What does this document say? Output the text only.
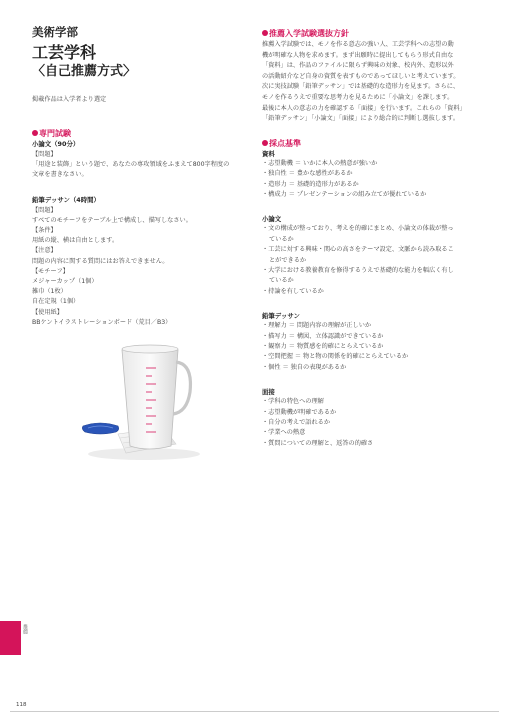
美術学部
工芸学科
〈自己推薦方式〉
掲載作品は入学者より選定
専門試験
小論文（90分）
【問題】
「用途と装飾」という題で、あなたの専攻領域をふまえて800字程度の
文章を書きなさい。
鉛筆デッサン（4時間）
【問題】
すべてのモチーフをテーブル上で構成し、描写しなさい。
【条件】
用紙の縦、横は自由とします。
【注意】
問題の内容に関する質問にはお答えできません。
【モチーフ】
メジャーカップ（1個）
雑巾（1枚）
自在定規（1個）
【使用紙】
BBケントイラストレーションボード（荒目／B3）
推薦入学試験選抜方針
推薦入学試験では、モノを作る意志の強い人、工芸学科への志望の動
機が明確な人物を求めます。まず出願時に提出してもらう形式自由な
「資料」は、作品のファイルに限らず興味の対象、校内外、造形以外
の活動紹介など自身の資質を表すものであってほしいと考えています。
次に実技試験「鉛筆デッサン」では基礎的な造形力を見ます。さらに、
モノを作るうえで重要な思考力を見るために「小論文」を課します。
最後に本人の意志の力を確認する「面接」を行います。これらの「資料」
「鉛筆デッサン」「小論文」「面接」により総合的に判断し選抜します。
採点基準
資料
・志望動機 ＝ いかに本人の熱意が強いか
・独自性 ＝ 豊かな感性があるか
・造形力 ＝ 基礎的造形力があるか
・構成力 ＝ プレゼンテーションの組み立てが優れているか
小論文
・文の構成が整っており、考えを的確にまとめ、小論文の体裁が整っ
ているか
・工芸に対する興味・関心の高さをテーマ設定、文脈から読み取るこ
とができるか
・大学における教養教育を修得するうえで基礎的な能力を幅広く有し
ているか
・持論を有しているか
鉛筆デッサン
・理解力 ＝ 問題内容の理解が正しいか
・描写力 ＝ 構図、立体認識ができているか
・観察力 ＝ 物質感を的確にとらえているか
・空間把握 ＝ 物と物の関係を的確にとらえているか
・個性 ＝ 独自の表現があるか
面接
・学科の特色への理解
・志望動機が明確であるか
・自分の考えで語れるか
・学業への熱意
・質問についての理解と、返答の的確さ
推薦
118
